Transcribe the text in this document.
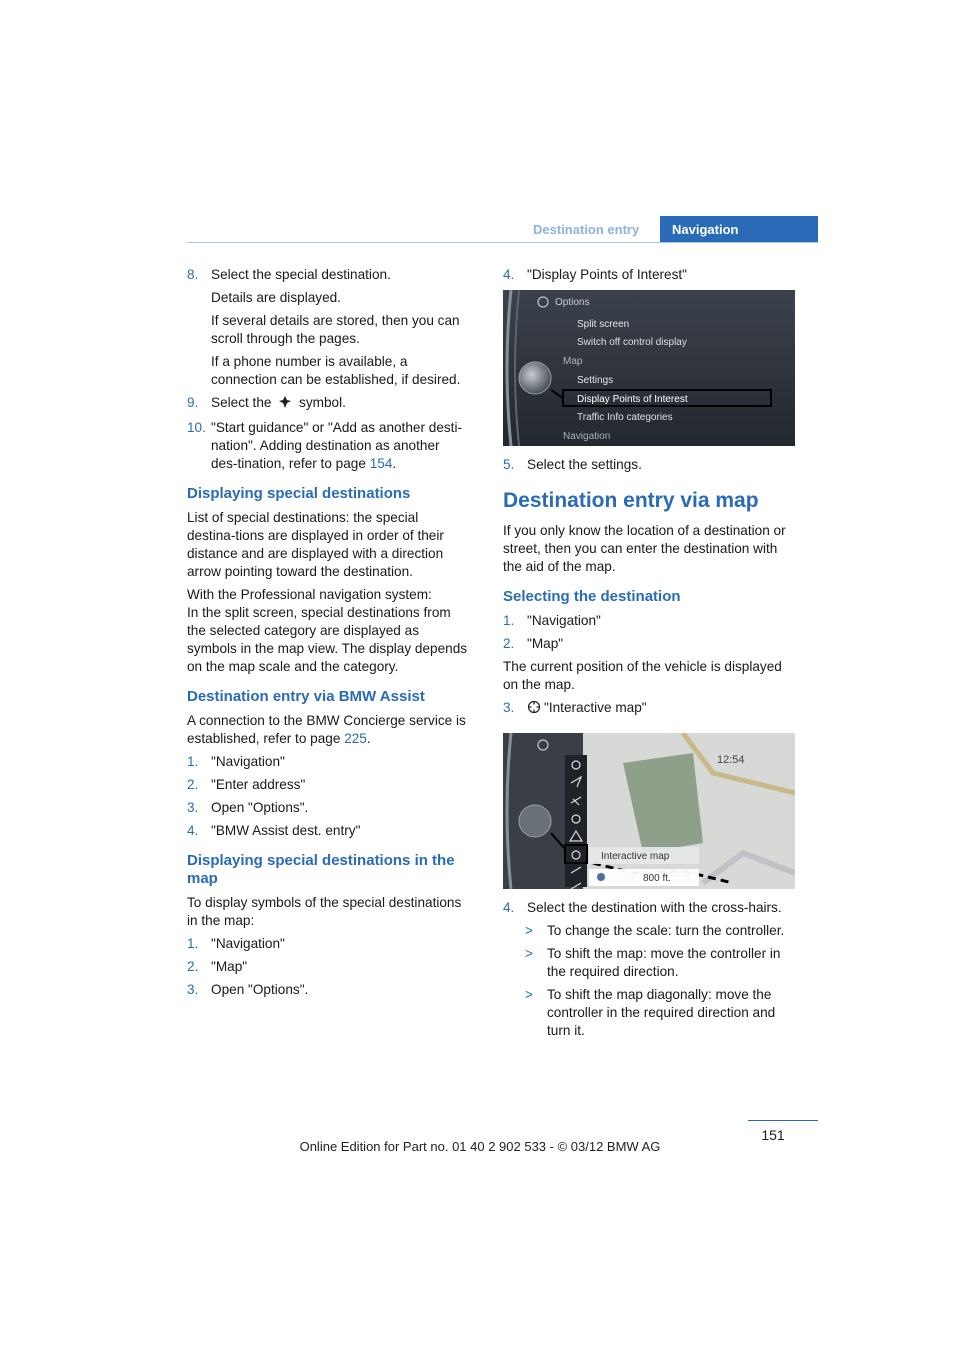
Destination entry	Navigation
8. Select the special destination.
Details are displayed.
If several details are stored, then you can scroll through the pages.
If a phone number is available, a connection can be established, if desired.
9. Select the symbol.
10. "Start guidance" or "Add as another desti-nation". Adding destination as another des-tination, refer to page 154.
Displaying special destinations
List of special destinations: the special destina-tions are displayed in order of their distance and are displayed with a direction arrow pointing toward the destination.
With the Professional navigation system:
In the split screen, special destinations from the selected category are displayed as symbols in the map view. The display depends on the map scale and the category.
Destination entry via BMW Assist
A connection to the BMW Concierge service is established, refer to page 225.
1. "Navigation"
2. "Enter address"
3. Open "Options".
4. "BMW Assist dest. entry"
Displaying special destinations in the map
To display symbols of the special destinations in the map:
1. "Navigation"
2. "Map"
3. Open "Options".
4. "Display Points of Interest"
Options
Split screen
Switch off control display
Map
Settings
Display Points of Interest
Traffic Info categories
Navigation
5. Select the settings.
Destination entry via map
If you only know the location of a destination or street, then you can enter the destination with the aid of the map.
Selecting the destination
1. "Navigation"
2. "Map"
The current position of the vehicle is displayed on the map.
3. "Interactive map"
12:54
Interactive map
800 ft.
4. Select the destination with the cross-hairs.
> To change the scale: turn the controller.
> To shift the map: move the controller in the required direction.
> To shift the map diagonally: move the controller in the required direction and turn it.
151
Online Edition for Part no. 01 40 2 902 533 - © 03/12 BMW AG
